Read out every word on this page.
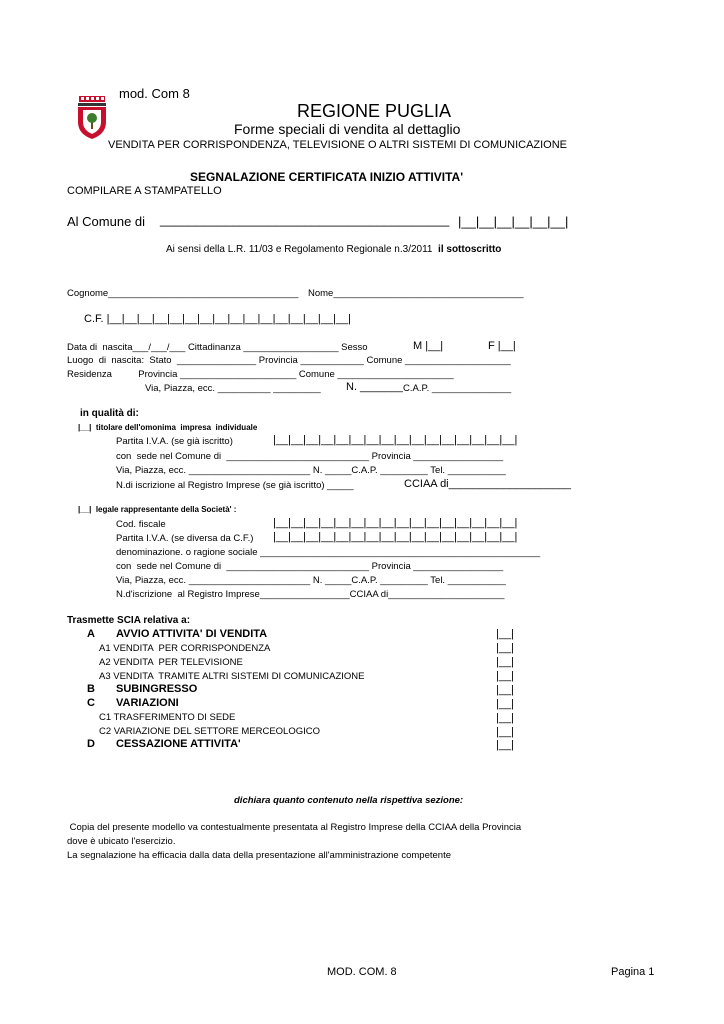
mod. Com 8
REGIONE PUGLIA
Forme speciali di vendita al dettaglio
VENDITA PER CORRISPONDENZA, TELEVISIONE O ALTRI SISTEMI DI COMUNICAZIONE
SEGNALAZIONE CERTIFICATA INIZIO ATTIVITA'
COMPILARE A STAMPATELLO
Al Comune di ________________________________________ |__|__|__|__|__|__|
Ai sensi della L.R. 11/03 e Regolamento Regionale n.3/2011 il sottoscritto
Cognome____________________________________ Nome____________________________________
C.F. |__|__|__|__|__|__|__|__|__|__|__|__|__|__|__|__|
Data di  nascita___/___/___ Cittadinanza __________________ Sesso	M |__|	F |__|
Luogo  di  nascita:  Stato  _______________ Provincia ____________ Comune ____________________
Residenza          Provincia ______________________ Comune ______________________
Via, Piazza, ecc. __________ _________ N. _______ C.A.P. _______________
in qualità di:
|__|  titolare dell'omonima  impresa  individuale
Partita I.V.A. (se già iscritto)	|__|__|__|__|__|__|__|__|__|__|__|__|__|__|__|__|
con  sede nel Comune di  ___________________________ Provincia _________________
Via, Piazza, ecc. _______________________ N. _____C.A.P. _________ Tel. ___________
N.di iscrizione al Registro Imprese (se già iscritto) _____	CCIAA di____________________
|__|  legale rappresentante della Società' :
Cod. fiscale	|__|__|__|__|__|__|__|__|__|__|__|__|__|__|__|__|
Partita I.V.A. (se diversa da C.F.) |__|__|__|__|__|__|__|__|__|__|__|__|__|__|__|__|
denominazione. o ragione sociale _____________________________________________________
con  sede nel Comune di  ___________________________ Provincia _________________
Via, Piazza, ecc. _______________________ N. _____C.A.P. _________ Tel. ___________
N.d'iscrizione  al Registro Imprese_________________CCIAA di______________________
Trasmette SCIA relativa a:
A AVVIO ATTIVITA' DI VENDITA	|__|
A1 VENDITA  PER CORRISPONDENZA	|__|
A2 VENDITA  PER TELEVISIONE	|__|
A3 VENDITA  TRAMITE ALTRI SISTEMI DI COMUNICAZIONE	|__|
B SUBINGRESSO	|__|
C VARIAZIONI	|__|
C1 TRASFERIMENTO DI SEDE	|__|
C2 VARIAZIONE DEL SETTORE MERCEOLOGICO	|__|
D CESSAZIONE ATTIVITA'	|__|
dichiara quanto contenuto nella rispettiva sezione:
Copia del presente modello va contestualmente presentata al Registro Imprese della CCIAA della Provincia
dove è ubicato l'esercizio.
La segnalazione ha efficacia dalla data della presentazione all'amministrazione competente
MOD. COM. 8	Pagina 1
